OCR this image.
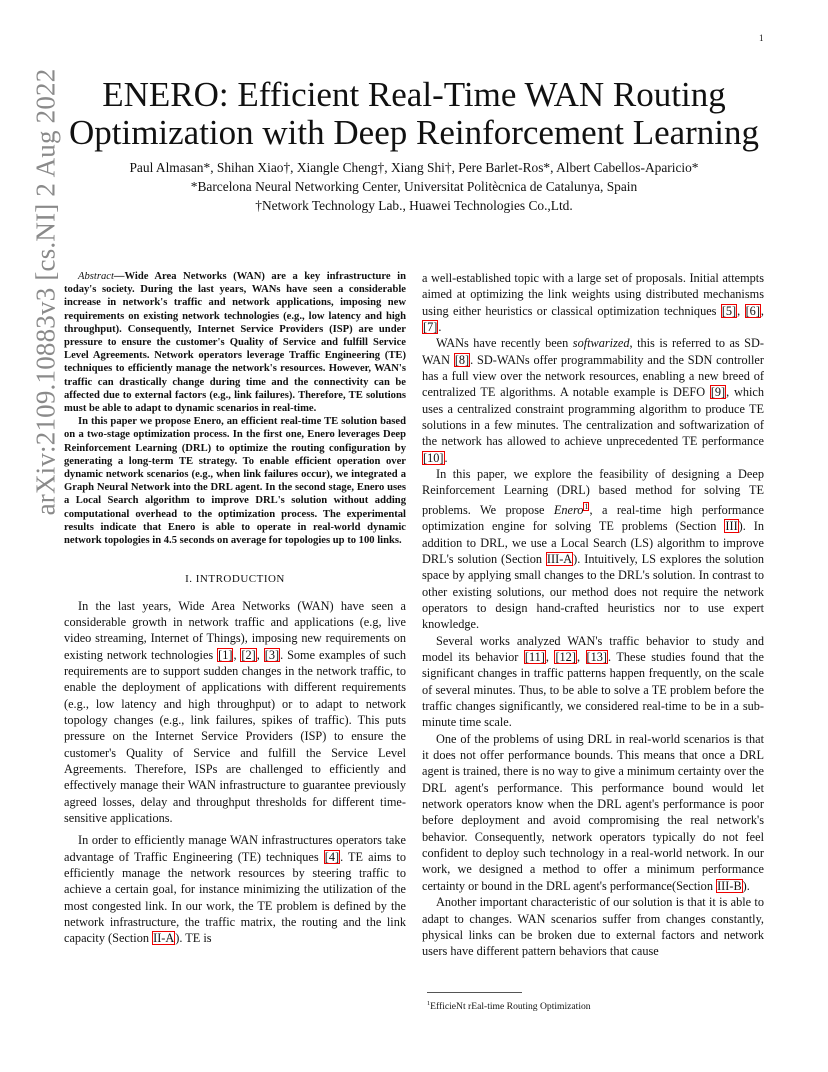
1
arXiv:2109.10883v3 [cs.NI] 2 Aug 2022	ENERO: Efficient Real-Time WAN Routing
Optimization with Deep Reinforcement Learning
Paul Almasan*, Shihan Xiao†, Xiangle Cheng†, Xiang Shi†, Pere Barlet-Ros*, Albert Cabellos-Aparicio*
*Barcelona Neural Networking Center, Universitat Politècnica de Catalunya, Spain
†Network Technology Lab., Huawei Technologies Co.,Ltd.

Abstract—Wide Area Networks (WAN) are a key infrastructure in today's society. During the last years, WANs have seen a considerable increase in network's traffic and network applications, imposing new requirements on existing network technologies (e.g., low latency and high throughput). Consequently, Internet Service Providers (ISP) are under pressure to ensure the customer's Quality of Service and fulfill Service Level Agreements. Network operators leverage Traffic Engineering (TE) techniques to efficiently manage the network's resources. However, WAN's traffic can drastically change during time and the connectivity can be affected due to external factors (e.g., link failures). Therefore, TE solutions must be able to adapt to dynamic scenarios in real-time.

In this paper we propose Enero, an efficient real-time TE solution based on a two-stage optimization process. In the first one, Enero leverages Deep Reinforcement Learning (DRL) to optimize the routing configuration by generating a long-term TE strategy. To enable efficient operation over dynamic network scenarios (e.g., when link failures occur), we integrated a Graph Neural Network into the DRL agent. In the second stage, Enero uses a Local Search algorithm to improve DRL's solution without adding computational overhead to the optimization process. The experimental results indicate that Enero is able to operate in real-world dynamic network topologies in 4.5 seconds on average for topologies up to 100 links.

I. INTRODUCTION

In the last years, Wide Area Networks (WAN) have seen a considerable growth in network traffic and applications (e.g, live video streaming, Internet of Things), imposing new requirements on existing network technologies [1], [2], [3]. Some examples of such requirements are to support sudden changes in the network traffic, to enable the deployment of applications with different requirements (e.g., low latency and high throughput) or to adapt to network topology changes (e.g., link failures, spikes of traffic). This puts pressure on the Internet Service Providers (ISP) to ensure the customer's Quality of Service and fulfill the Service Level Agreements. Therefore, ISPs are challenged to efficiently and effectively manage their WAN infrastructure to guarantee previously agreed losses, delay and throughput thresholds for different time-sensitive applications.

In order to efficiently manage WAN infrastructures operators take advantage of Traffic Engineering (TE) techniques [4]. TE aims to efficiently manage the network resources by steering traffic to achieve a certain goal, for instance minimizing the utilization of the most congested link. In our work, the TE problem is defined by the network infrastructure, the traffic matrix, the routing and the link capacity (Section II-A). TE is

a well-established topic with a large set of proposals. Initial attempts aimed at optimizing the link weights using distributed mechanisms using either heuristics or classical optimization techniques [5], [6], [7].

WANs have recently been softwarized, this is referred to as SD-WAN [8]. SD-WANs offer programmability and the SDN controller has a full view over the network resources, enabling a new breed of centralized TE algorithms. A notable example is DEFO [9], which uses a centralized constraint programming algorithm to produce TE solutions in a few minutes. The centralization and softwarization of the network has allowed to achieve unprecedented TE performance [10].

In this paper, we explore the feasibility of designing a Deep Reinforcement Learning (DRL) based method for solving TE problems. We propose Enero$^1$, a real-time high performance optimization engine for solving TE problems (Section III). In addition to DRL, we use a Local Search (LS) algorithm to improve DRL's solution (Section III-A). Intuitively, LS explores the solution space by applying small changes to the DRL's solution. In contrast to other existing solutions, our method does not require the network operators to design hand-crafted heuristics nor to use expert knowledge.

Several works analyzed WAN's traffic behavior to study and model its behavior [11], [12], [13]. These studies found that the significant changes in traffic patterns happen frequently, on the scale of several minutes. Thus, to be able to solve a TE problem before the traffic changes significantly, we considered real-time to be in a sub-minute time scale.

One of the problems of using DRL in real-world scenarios is that it does not offer performance bounds. This means that once a DRL agent is trained, there is no way to give a minimum certainty over the DRL agent's performance. This performance bound would let network operators know when the DRL agent's performance is poor before deployment and avoid compromising the real network's behavior. Consequently, network operators typically do not feel confident to deploy such technology in a real-world network. In our work, we designed a method to offer a minimum performance certainty or bound in the DRL agent's performance(Section III-B).

Another important characteristic of our solution is that it is able to adapt to changes. WAN scenarios suffer from changes constantly, physical links can be broken due to external factors and network users have different pattern behaviors that cause

$^1$EfficieNt rEal-time Routing Optimization
